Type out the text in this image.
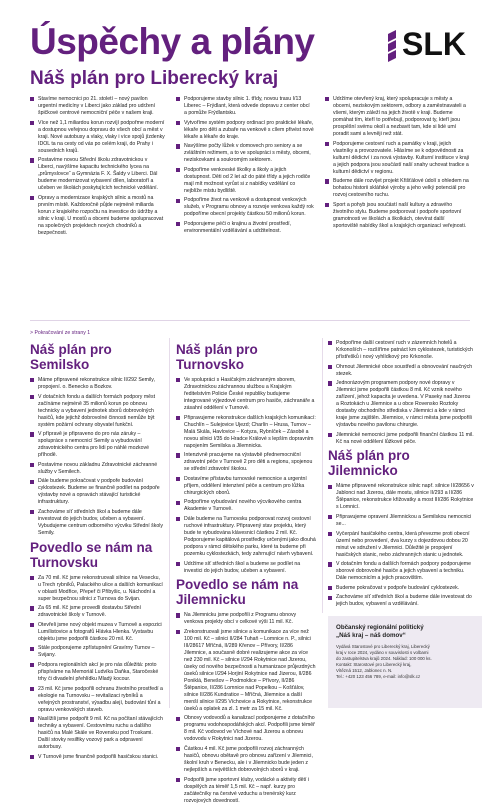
Úspěchy a plány
Náš plán pro Liberecký kraj
SLK

Stavíme nemocnici po 21. století – nový pavilon urgentní medicíny v Liberci jako základ pro udržení špičkové centrové nemocniční péče v našem kraji.

Více než 1,1 miliardou korun rozvíjí podpořme moderní a dostupnou veřejnou dopravu do všech obcí a měst v kraji. Nové autobusy a vlaky, vlaky i více spojů jízdenky IDOL ta na cesty od vás po celém kraji, do Prahy i sousedních krajů.

Postavíme novou Střední školu zdravotnickou v Liberci, navýšíme kapacitu technického lycea na „průmyslovce“ a Gymnázia F. X. Šaldy v Liberci. Dál budeme modernizovat vybavení dílen, laboratoří a učeben ve školách poskytujících technické vzdělání.

Opravy a modernizace krajských silnic a mostů na prvním místě. Každoročně půjde nejméně miliarda korun z krajského rozpočtu na investice do údržby a silnic v kraji. U mostů a obcemi budeme spolupracovat na společných projektech nových chodníků a bezpečnosti.

Podporujeme stavby silnic 1. třídy, novou trasu I/13 Liberec – Frýdlant, která odvede dopravu z center obcí a pomůže Frýdlantsku.

Vytvoříme systém podpory ordinací pro praktické lékaře, lékaře pro děti a zubaře na venkově s cílem přivést nové lékaře a lékaře do kraje.

Navýšíme počty lůžek v domovech pro seniory a se zvláštním režimem, a to ve spolupráci s městy, obcemi, neziskovkami a soukromým sektorem.

Podpoříme venkovské školky a školy a jejich dostupnost. Děti od 2 let až do páté třídy a jejich rodiče mají mít možnost vyrůst si z nabídky vzdělání co nejblíže místu bydliště.

Podpoříme život na venkově a dostupnost venkových služeb, v Programu obnovy a rozvoje venkova každý rok podpoříme obecní projekty částkou 50 milionů korun.

Podporujeme péči o krajinu a životní prostředí, environmentální vzdělávání a udržitelnost.

Udržíme otevřený kraj, který spolupracuje s městy a obcemi, neziskovým sektorem, odbory a zaměstnavateli a všemi, kterým záleží na jejich životě v kraji. Budeme pomáhat tím, kteří to potřebují, podporovat ty, kteří jsou prospěšní svému okolí a nezbavit tam, kde si lidé umí poradit sami a levněji než stát.

Podporujeme cestovní ruch a památky v kraji, jejich vlastníky a provozovatele. Hlásíme se k odpovědnosti za kulturní dědictví i za nová výstavby. Kulturní instituce v kraji a jejich podpora jsou součástí naší snahy uchovat tradice a kulturní dědictví v regionu.

Budeme dále rozvíjet projekt Křišťálové údolí s ohledem na bohatou historii sklářské výroby a jeho velký potenciál pro rozvoj cestovního ruchu.

Sport a pohyb jsou součástí naší kultury a zdravého životního stylu. Budeme podporovat i podpoře sportovní gramotnosti ve školách a školkách, otevírat další sportoviště nabídky škol a krajských organizací veřejnosti.

> Pokračování ze strany 1
Náš plán pro Semilsko

Máme připravené rekonstrukce silnic II/292 Semily, propojení. o. Benecko a Bozkov.

V dotačních fondu a dalších formách podpory měst začínáme nejméně 35 milionů korun po obnovu technicky a vybavení jednotek sborů dobrovolných hasičů, kde jejichž dobrovolné činnosti nemůže být systém požární ochrany obyvatel funkční.

V přípravě je připraveno do pro nás záruky – spolupráce s nemocnicí Semily a vybudování zdravotnického centra pro lidi po náhlé mozkové příhodě.

Postavíme novou základnu Zdravotnické záchranné služby v Semilech.

Dále budeme pokračovat v podpoře budování cyklostezek. Budeme se finančně podílet na podpoře výstavby nové a opravách stávající turistické infrastruktury.

Zachováme síť středních škol a budeme dále investovat do jejich budov, učeben a vybavení. Vybudujeme centrum odborného výcviku Střední školy Semily.

Povedlo se nám na Turnovsku

Za 70 mil. Kč jsme rekonstruovali silnice na Vesecku, u Trech rybníků, Palackého ulice a dalších komunikací v oblasti Modřice, Přepeř či Přibyšic, u. Náchodní a super bezpečnou silnici z Turnova do Svijan.

Za 65 mil. Kč jsme provedli dostavbu Střední zdravotnické školy v Turnově.

Otevřeli jsme nový objekt muzea v Turnově a expozici Lumílistovice a fotografů Hlávka Hlenka. Vystavbu objektu jsme podpořili částkou 20 mil. Kč.

Stále podporujeme zpřístupnění Gravírny Turnov – Svijany.

Podpora regionálních akcí je pro nás důležitá: proto přispíváme na Memoriál Ludvíka Daňka, Staročeské trhy či divadelní přehlídku Mladý kocour.

23 mil. Kč jsme podpořili ochranu životního prostředí a ekologie na Turnovsku – revitalizaci rybníků a veřejných prostranství, výsadbu alejí, budování tůní a opravu venkovských staveb.

Naslížili jsme podpořit 9 mil. Kč na počítaní stávajících techniky a vybavení. Cestovnímu ruchu a dalšího hasičů na Malé Skále ve Rovensku pod Troskami. Další stovky resilfiky vozový park a odpravení autorbusy.

V Turnově jsme finančně podpořili hasičskou stanici.

Náš plán pro Turnovsko

Ve spolupráci s Hasičským záchranným sborem, Zdravotnickou záchrannou službou a Krajským ředitelstvím Policie České republiky budujeme integrované výjezdové centrum pro hasiče, záchranáře a zásahní oddělení v Turnově.

Připravujeme rekonstrukce dalších krajských komunikací: Chuchlín – Sulejovice Ujezd; Charlín – Hrusa, Turnov – Malá Skála, Havlovice – Kotyza, Rybníček – Zásobě a novou silnici I/35 do Hradce Králové s lepším dopravním napojením Semilska a Jilemnicka.

Intenzivně pracujeme na výstavbě přednemocniční zdravotní péče v Turnově 2 pro děti a regionu, spojenou se střední zdravotní školou.

Dostavíme přístavbu turnovské nemocnice a urgentní příjem, oddělení intenzivní péče a centrum pro lůžka chirurgických oborů.

Podpoříme vybudování nového výcvikového centra Akademie v Turnově.

Dále budeme na Turnovsku podporovat rozvoj cestovní ruchové infrastruktury. Připravený stav projektu, který bude te vybudována klávesnicí částkou 2 mil. Kč. Podporujeme kapitálová prostředky určenými jako dlouhá podpora v rámci dětského parku, které ta budeme při pozemku cyklostezkách, tedy zahrnující návrh vybavení.

Udržíme síť středních škol a budeme se podílet na investici do jejich budov, učeben a vybavení.

Povedlo se nám na Jilemnicku

Na Jilemnicku jsme podpořili z Programu obnovy venkova projekty obcí v celkové výši 11 mil. Kč.

Zrekonstruovali jsme silnice a komunikace za více než 100 mil. Kč – silnici II/284 Tuhaň – Lomnice n. P., silnici III/28617 Mříčná, II/289 Křenov – Přívory, II/286 Jilemnice, a současně dobré realizujeme akce za více než 230 mil. Kč – silnice I/294 Rokytnice nad Jizerou, úseky od nového bezpečnosti a humanizace průjezdných úseků silnice I/294 Horjiní Rokytnice nad Jizerou, II/286 Poniklá, Benešov – Podmoklice – Přívory, II/286 Štěpanice, II/286 Lomnice nad Popelkou – Košťálov, silnice II/286 Kundratice – Mříčná, Jilemnice a další menší silnice I/295 Víchovice a Rokytnice, rekonstrukce úseků a oplatek za zl. 1 metr za 15 mil. Kč.

Obnovy vodovodů a kanalizací podporujeme z dotačního programu vodohospodářských akcí. Podpořili jsme téměř 8 mil. Kč vodovod ve Víchové nad Jizerou a obnovu vodovodu v Rokytnici nad Jizerou.

Částkou 4 mil. Kč jsme podpořili rozvoj záchranných hasičů, obnovu obětavě pro obnovu zařízení v Jilemnici, školní kruh v Benecku, ale i v Jilemnicko bude jeden z nejlepších a největších dobrovolných sborů v kraji.

Podpořili jsme sportovní kluby, vodácké a aktivity dětí i dospělých za téměř 1,5 mil. Kč – např. kurzy pro začátečníky na čerstvé vzduchu a trenérský kurz rozvojových dovedností.

Podpoříme další cestovní ruch v zázemních hotelů a Krkonoších – rozšíříme patnáct km cyklostezek, turistických přístřešků i nový vyhlídkový pro Krkonoše.

Ohrnout Jilemnické obce soustředí a obnovování naučných stezek.

Jednorázovým programem podpory nové dopravy v Jilemnici jsme podpořili částkou 8 mil. Kč vznik nového zařízení, jehož kapacita je uvedena. V Paseky nad Jizerou a Roztokách u Jilemnice a u obce Rovensko Roztoky dostavby obchodního střediska v Jilemnici a kde v rámci kraje jsme zajištěn. Jilemnice, v rámci města jsme podpořili výstavbu nového pavilonu chirurgie.

Jilemnické nemocnici jsme podpořili finanční částkou 11 mil. Kč na nové oddělení lůžkové péče.

Náš plán pro Jilemnicko

Máme připravené rekonstrukce silnic např. silnice II/28656 v Jablonci nad Jizerou, dále mostu, silnice II/293 a II/286 Štěpanice, rekonstrukce křižovatky a most III/286 Rokytnice s Lomnicí.

Připravujeme opravení Jilemnickou a Semilskou nemocnici se...

Vyčerpání hasičského centra, která převezme proti obecní území nebo provedení, dva kurzy s dojezdovou dobou 20 minut ve sdružení v Jilemnici. Důležité je propojení hasičských stanic, nebo záchranných stanic u jednotek.

V dotačním fondu a dalších formách podpory podporujeme sborové dobrovolné hasiče a jejich vybavení a techniku. Dále nemocnicím a jejich pracovištím.

Budeme pokračovat v podpoře budování cyklostezek.

Zachováme síť středních škol a budeme dále investovat do jejich budov, vybavení a vzdělávání.

Občanský regionální politický
„Náš kraj – náš domov“
Vydává Starostové pro Liberecký kraj, Liberecký
kraj v roce 2024, vydáno v souvislosti s volbami
do zastupitelstva krajů 2024. Náklad: 100 000 ks.
Kontakt: Starostové pro Liberecký kraj,
Vítězná 1512, Jablonec n. N.
Tel.: +420 123 456 789, e-mail: info@slk.cz
